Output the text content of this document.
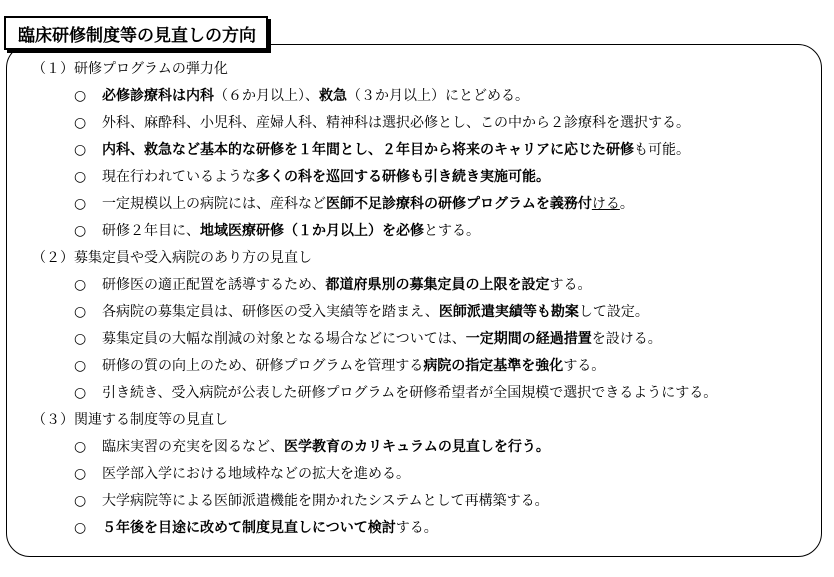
臨床研修制度等の見直しの方向
（１）研修プログラムの弾力化
○	必修診療科は内科（６か月以上）、救急（３か月以上）にとどめる。
○	外科、麻酔科、小児科、産婦人科、精神科は選択必修とし、この中から２診療科を選択する。
○	内科、救急など基本的な研修を１年間とし、２年目から将来のキャリアに応じた研修も可能。
○	現在行われているような多くの科を巡回する研修も引き続き実施可能。
○	一定規模以上の病院には、産科など医師不足診療科の研修プログラムを義務付ける。
○	研修２年目に、地域医療研修（１か月以上）を必修とする。
（２）募集定員や受入病院のあり方の見直し
○	研修医の適正配置を誘導するため、都道府県別の募集定員の上限を設定する。
○	各病院の募集定員は、研修医の受入実績等を踏まえ、医師派遣実績等も勘案して設定。
○	募集定員の大幅な削減の対象となる場合などについては、一定期間の経過措置を設ける。
○	研修の質の向上のため、研修プログラムを管理する病院の指定基準を強化する。
○	引き続き、受入病院が公表した研修プログラムを研修希望者が全国規模で選択できるようにする。
（３）関連する制度等の見直し
○	臨床実習の充実を図るなど、医学教育のカリキュラムの見直しを行う。
○	医学部入学における地域枠などの拡大を進める。
○	大学病院等による医師派遣機能を開かれたシステムとして再構築する。
○	５年後を目途に改めて制度見直しについて検討する。
